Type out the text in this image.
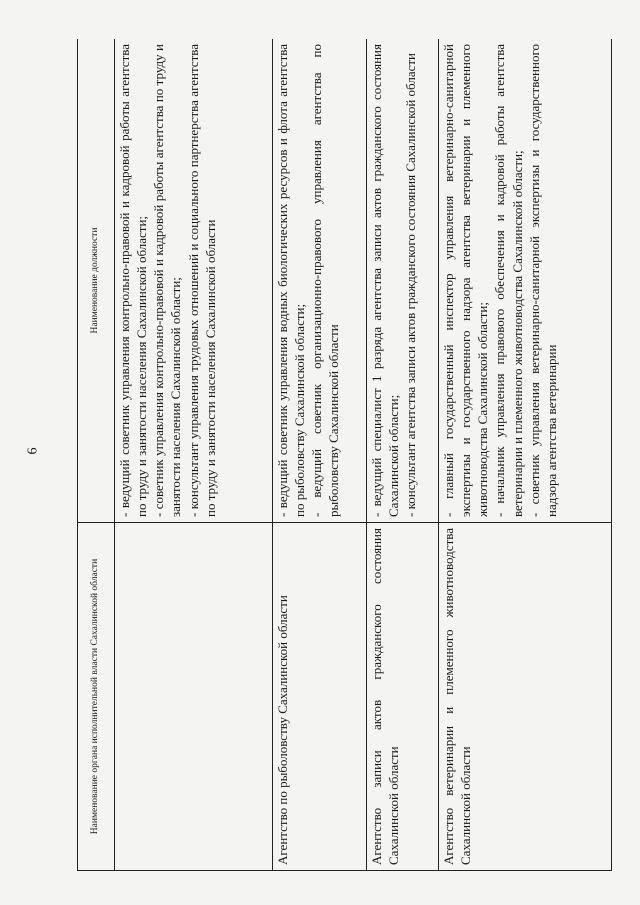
6
Наименование органа исполнительной власти Сахалинской области	Наименование должности

	- ведущий советник управления контрольно-правовой и кадровой работы агентства по труду и занятости населения Сахалинской области; - советник управления контрольно-правовой и кадровой работы агентства по труду и занятости населения Сахалинской области; - консультант управления трудовых отношений и социального партнерства агентства по труду и занятости населения Сахалинской области

Агентство по рыболовству Сахалинской области	- ведущий советник управления водных биологических ресурсов и флота агентства по рыболовству Сахалинской области; - ведущий советник организационно-правового управления агентства по рыболовству Сахалинской области

Агентство записи актов гражданского состояния Сахалинской области	- ведущий специалист 1 разряда агентства записи актов гражданского состояния Сахалинской области; - консультант агентства записи актов гражданского состояния Сахалинской области

Агентство ветеринарии и племенного животноводства Сахалинской области	- главный государственный инспектор управления ветеринарно-санитарной экспертизы и государственного надзора агентства ветеринарии и племенного животноводства Сахалинской области; - начальник управления правового обеспечения и кадровой работы агентства ветеринарии и племенного животноводства Сахалинской области; - советник управления ветеринарно-санитарной экспертизы и государственного надзора агентства ветеринарии
